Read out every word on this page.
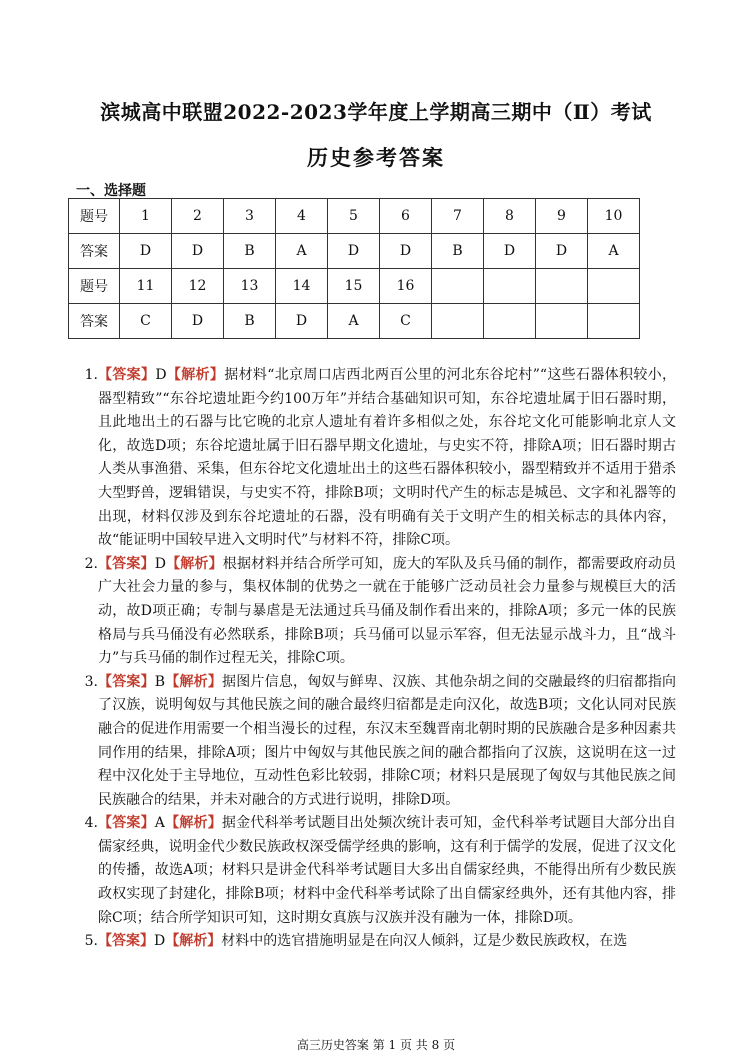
滨城高中联盟2022-2023学年度上学期高三期中（Ⅱ）考试
历史参考答案
一、选择题
题号	1	2	3	4	5	6	7	8	9	10
答案	D	D	B	A	D	D	B	D	D	A
题号	11	12	13	14	15	16				
答案	C	D	B	D	A	C				
1. 【答案】D【解析】据材料“北京周口店西北两百公里的河北东谷坨村”“这些石器体积较小，器型精致”“东谷坨遗址距今约100万年”并结合基础知识可知，东谷坨遗址属于旧石器时期，且此地出土的石器与比它晚的北京人遗址有着许多相似之处，东谷坨文化可能影响北京人文化，故选D项；东谷坨遗址属于旧石器早期文化遗址，与史实不符，排除A项；旧石器时期古人类从事渔猎、采集，但东谷坨文化遗址出土的这些石器体积较小，器型精致并不适用于猎杀大型野兽，逻辑错误，与史实不符，排除B项；文明时代产生的标志是城邑、文字和礼器等的出现，材料仅涉及到东谷坨遗址的石器，没有明确有关于文明产生的相关标志的具体内容，故“能证明中国较早进入文明时代”与材料不符，排除C项。
2. 【答案】D【解析】根据材料并结合所学可知，庞大的军队及兵马俑的制作，都需要政府动员广大社会力量的参与，集权体制的优势之一就在于能够广泛动员社会力量参与规模巨大的活动，故D项正确；专制与暴虐是无法通过兵马俑及制作看出来的，排除A项；多元一体的民族格局与兵马俑没有必然联系，排除B项；兵马俑可以显示军容，但无法显示战斗力，且“战斗力”与兵马俑的制作过程无关，排除C项。
3. 【答案】B【解析】据图片信息，匈奴与鲜卑、汉族、其他杂胡之间的交融最终的归宿都指向了汉族，说明匈奴与其他民族之间的融合最终归宿都是走向汉化，故选B项；文化认同对民族融合的促进作用需要一个相当漫长的过程，东汉末至魏晋南北朝时期的民族融合是多种因素共同作用的结果，排除A项；图片中匈奴与其他民族之间的融合都指向了汉族，这说明在这一过程中汉化处于主导地位，互动性色彩比较弱，排除C项；材料只是展现了匈奴与其他民族之间民族融合的结果，并未对融合的方式进行说明，排除D项。
4. 【答案】A【解析】据金代科举考试题目出处频次统计表可知，金代科举考试题目大部分出自儒家经典，说明金代少数民族政权深受儒学经典的影响，这有利于儒学的发展，促进了汉文化的传播，故选A项；材料只是讲金代科举考试题目大多出自儒家经典，不能得出所有少数民族政权实现了封建化，排除B项；材料中金代科举考试除了出自儒家经典外，还有其他内容，排除C项；结合所学知识可知，这时期女真族与汉族并没有融为一体，排除D项。
5. 【答案】D【解析】材料中的选官措施明显是在向汉人倾斜，辽是少数民族政权，在选
高三历史答案 第 1 页 共 8 页
